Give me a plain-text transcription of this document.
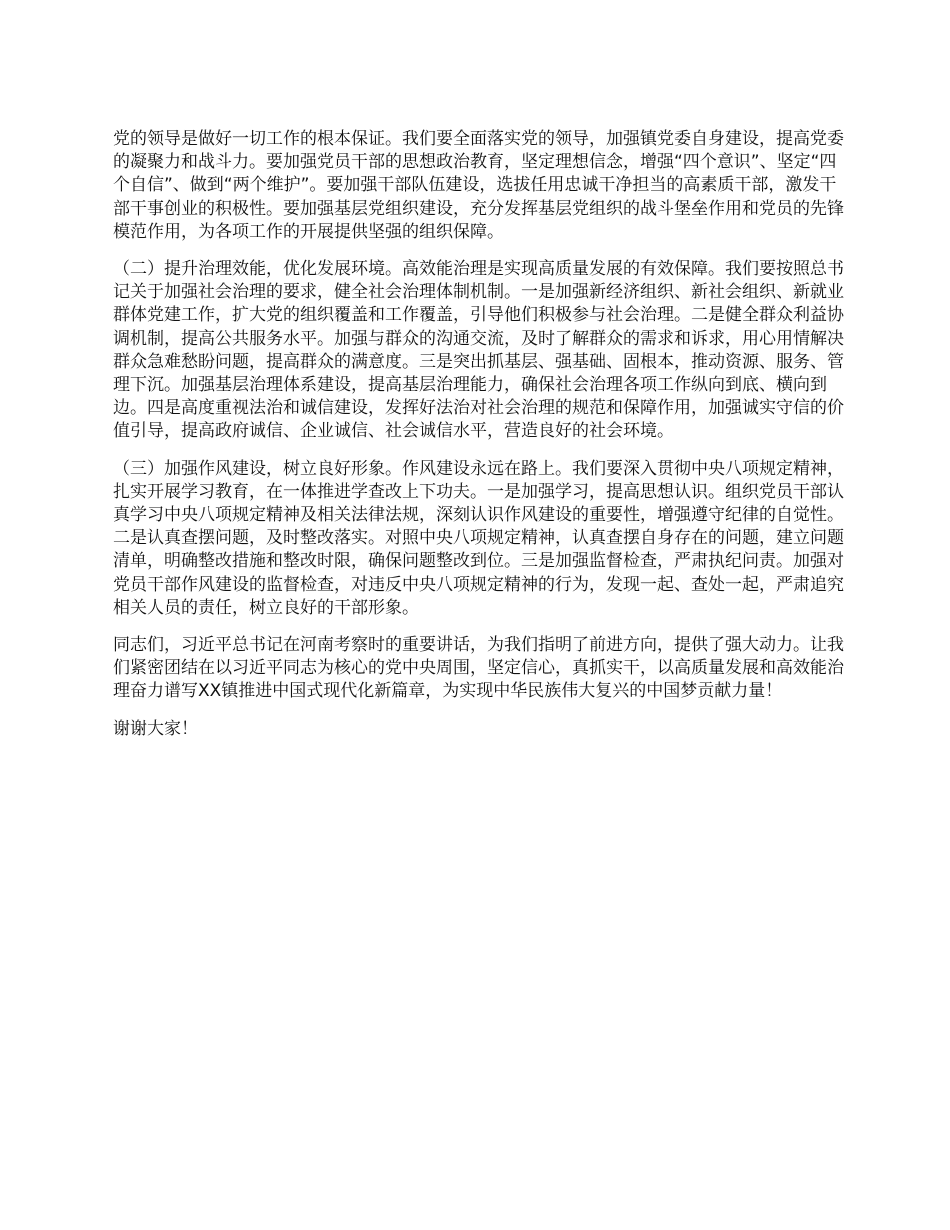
党的领导是做好一切工作的根本保证。我们要全面落实党的领导，加强镇党委自身建设，提高党委的凝聚力和战斗力。要加强党员干部的思想政治教育，坚定理想信念，增强“四个意识”、坚定“四个自信”、做到“两个维护”。要加强干部队伍建设，选拔任用忠诚干净担当的高素质干部，激发干部干事创业的积极性。要加强基层党组织建设，充分发挥基层党组织的战斗堡垒作用和党员的先锋模范作用，为各项工作的开展提供坚强的组织保障。

（二）提升治理效能，优化发展环境。高效能治理是实现高质量发展的有效保障。我们要按照总书记关于加强社会治理的要求，健全社会治理体制机制。一是加强新经济组织、新社会组织、新就业群体党建工作，扩大党的组织覆盖和工作覆盖，引导他们积极参与社会治理。二是健全群众利益协调机制，提高公共服务水平。加强与群众的沟通交流，及时了解群众的需求和诉求，用心用情解决群众急难愁盼问题，提高群众的满意度。三是突出抓基层、强基础、固根本，推动资源、服务、管理下沉。加强基层治理体系建设，提高基层治理能力，确保社会治理各项工作纵向到底、横向到边。四是高度重视法治和诚信建设，发挥好法治对社会治理的规范和保障作用，加强诚实守信的价值引导，提高政府诚信、企业诚信、社会诚信水平，营造良好的社会环境。

（三）加强作风建设，树立良好形象。作风建设永远在路上。我们要深入贯彻中央八项规定精神，扎实开展学习教育，在一体推进学查改上下功夫。一是加强学习，提高思想认识。组织党员干部认真学习中央八项规定精神及相关法律法规，深刻认识作风建设的重要性，增强遵守纪律的自觉性。二是认真查摆问题，及时整改落实。对照中央八项规定精神，认真查摆自身存在的问题，建立问题清单，明确整改措施和整改时限，确保问题整改到位。三是加强监督检查，严肃执纪问责。加强对党员干部作风建设的监督检查，对违反中央八项规定精神的行为，发现一起、查处一起，严肃追究相关人员的责任，树立良好的干部形象。

同志们，习近平总书记在河南考察时的重要讲话，为我们指明了前进方向，提供了强大动力。让我们紧密团结在以习近平同志为核心的党中央周围，坚定信心，真抓实干，以高质量发展和高效能治理奋力谱写XX镇推进中国式现代化新篇章，为实现中华民族伟大复兴的中国梦贡献力量！

谢谢大家！
